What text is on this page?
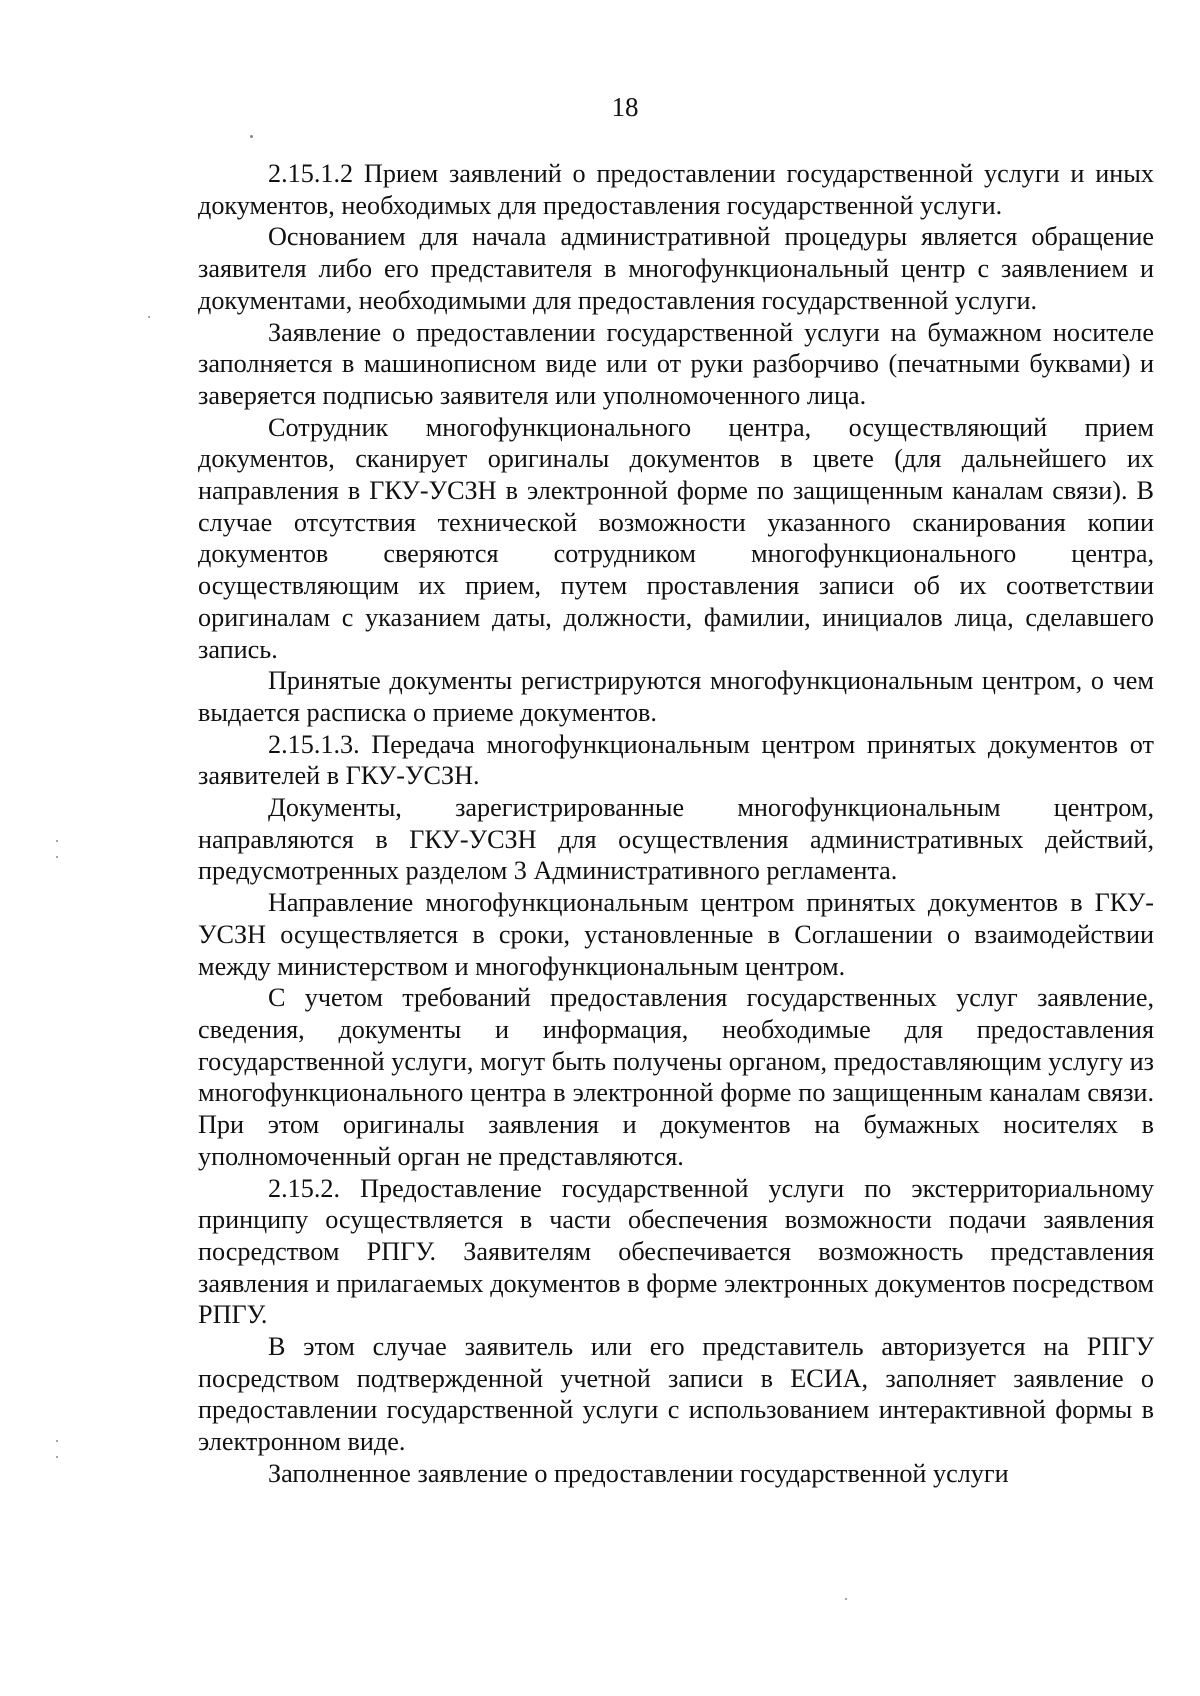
18

2.15.1.2 Прием заявлений о предоставлении государственной услуги и иных документов, необходимых для предоставления государственной услуги.

Основанием для начала административной процедуры является обращение заявителя либо его представителя в многофункциональный центр с заявлением и документами, необходимыми для предоставления государственной услуги.

Заявление о предоставлении государственной услуги на бумажном носителе заполняется в машинописном виде или от руки разборчиво (печатными буквами) и заверяется подписью заявителя или уполномоченного лица.

Сотрудник многофункционального центра, осуществляющий прием документов, сканирует оригиналы документов в цвете (для дальнейшего их направления в ГКУ-УСЗН в электронной форме по защищенным каналам связи). В случае отсутствия технической возможности указанного сканирования копии документов сверяются сотрудником многофункционального центра, осуществляющим их прием, путем проставления записи об их соответствии оригиналам с указанием даты, должности, фамилии, инициалов лица, сделавшего запись.

Принятые документы регистрируются многофункциональным центром, о чем выдается расписка о приеме документов.

2.15.1.3. Передача многофункциональным центром принятых документов от заявителей в ГКУ-УСЗН.

Документы, зарегистрированные многофункциональным центром, направляются в ГКУ-УСЗН для осуществления административных действий, предусмотренных разделом 3 Административного регламента.

Направление многофункциональным центром принятых документов в ГКУ-УСЗН осуществляется в сроки, установленные в Соглашении о взаимодействии между министерством и многофункциональным центром.

С учетом требований предоставления государственных услуг заявление, сведения, документы и информация, необходимые для предоставления государственной услуги, могут быть получены органом, предоставляющим услугу из многофункционального центра в электронной форме по защищенным каналам связи. При этом оригиналы заявления и документов на бумажных носителях в уполномоченный орган не представляются.

2.15.2. Предоставление государственной услуги по экстерриториальному принципу осуществляется в части обеспечения возможности подачи заявления посредством РПГУ. Заявителям обеспечивается возможность представления заявления и прилагаемых документов в форме электронных документов посредством РПГУ.

В этом случае заявитель или его представитель авторизуется на РПГУ посредством подтвержденной учетной записи в ЕСИА, заполняет заявление о предоставлении государственной услуги с использованием интерактивной формы в электронном виде.

Заполненное заявление о предоставлении государственной услуги
